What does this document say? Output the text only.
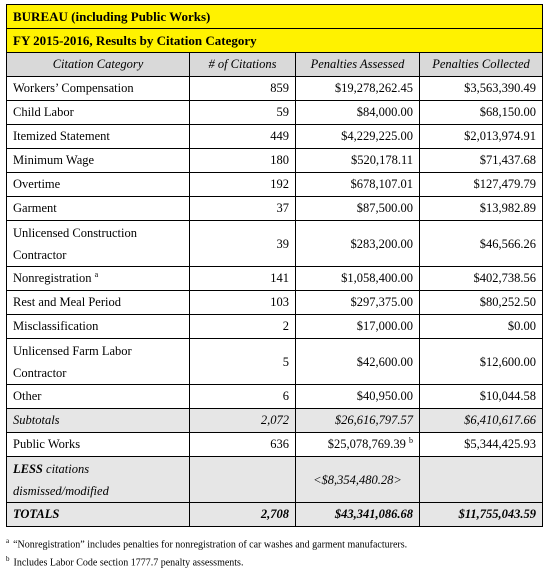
BUREAU (including Public Works)			
FY 2015-2016, Results by Citation Category			
Citation Category	# of Citations	Penalties Assessed	Penalties Collected
Workers’ Compensation	859	$19,278,262.45	$3,563,390.49
Child Labor	59	$84,000.00	$68,150.00
Itemized Statement	449	$4,229,225.00	$2,013,974.91
Minimum Wage	180	$520,178.11	$71,437.68
Overtime	192	$678,107.01	$127,479.79
Garment	37	$87,500.00	$13,982.89
Unlicensed Construction
Contractor	39	$283,200.00	$46,566.26
Nonregistration $^a$	141	$1,058,400.00	$402,738.56
Rest and Meal Period	103	$297,375.00	$80,252.50
Misclassification	2	$17,000.00	$0.00
Unlicensed Farm Labor
Contractor	5	$42,600.00	$12,600.00
Other	6	$40,950.00	$10,044.58
Subtotals	2,072	$26,616,797.57	$6,410,617.66
Public Works	636	$25,078,769.39 $^b$	$5,344,425.93
LESS citations
dismissed/modified		<$8,354,480.28>	
TOTALS	2,708	$43,341,086.68	$11,755,043.59
$^a$ “Nonregistration” includes penalties for nonregistration of car washes and garment manufacturers.
$^b$ Includes Labor Code section 1777.7 penalty assessments.
